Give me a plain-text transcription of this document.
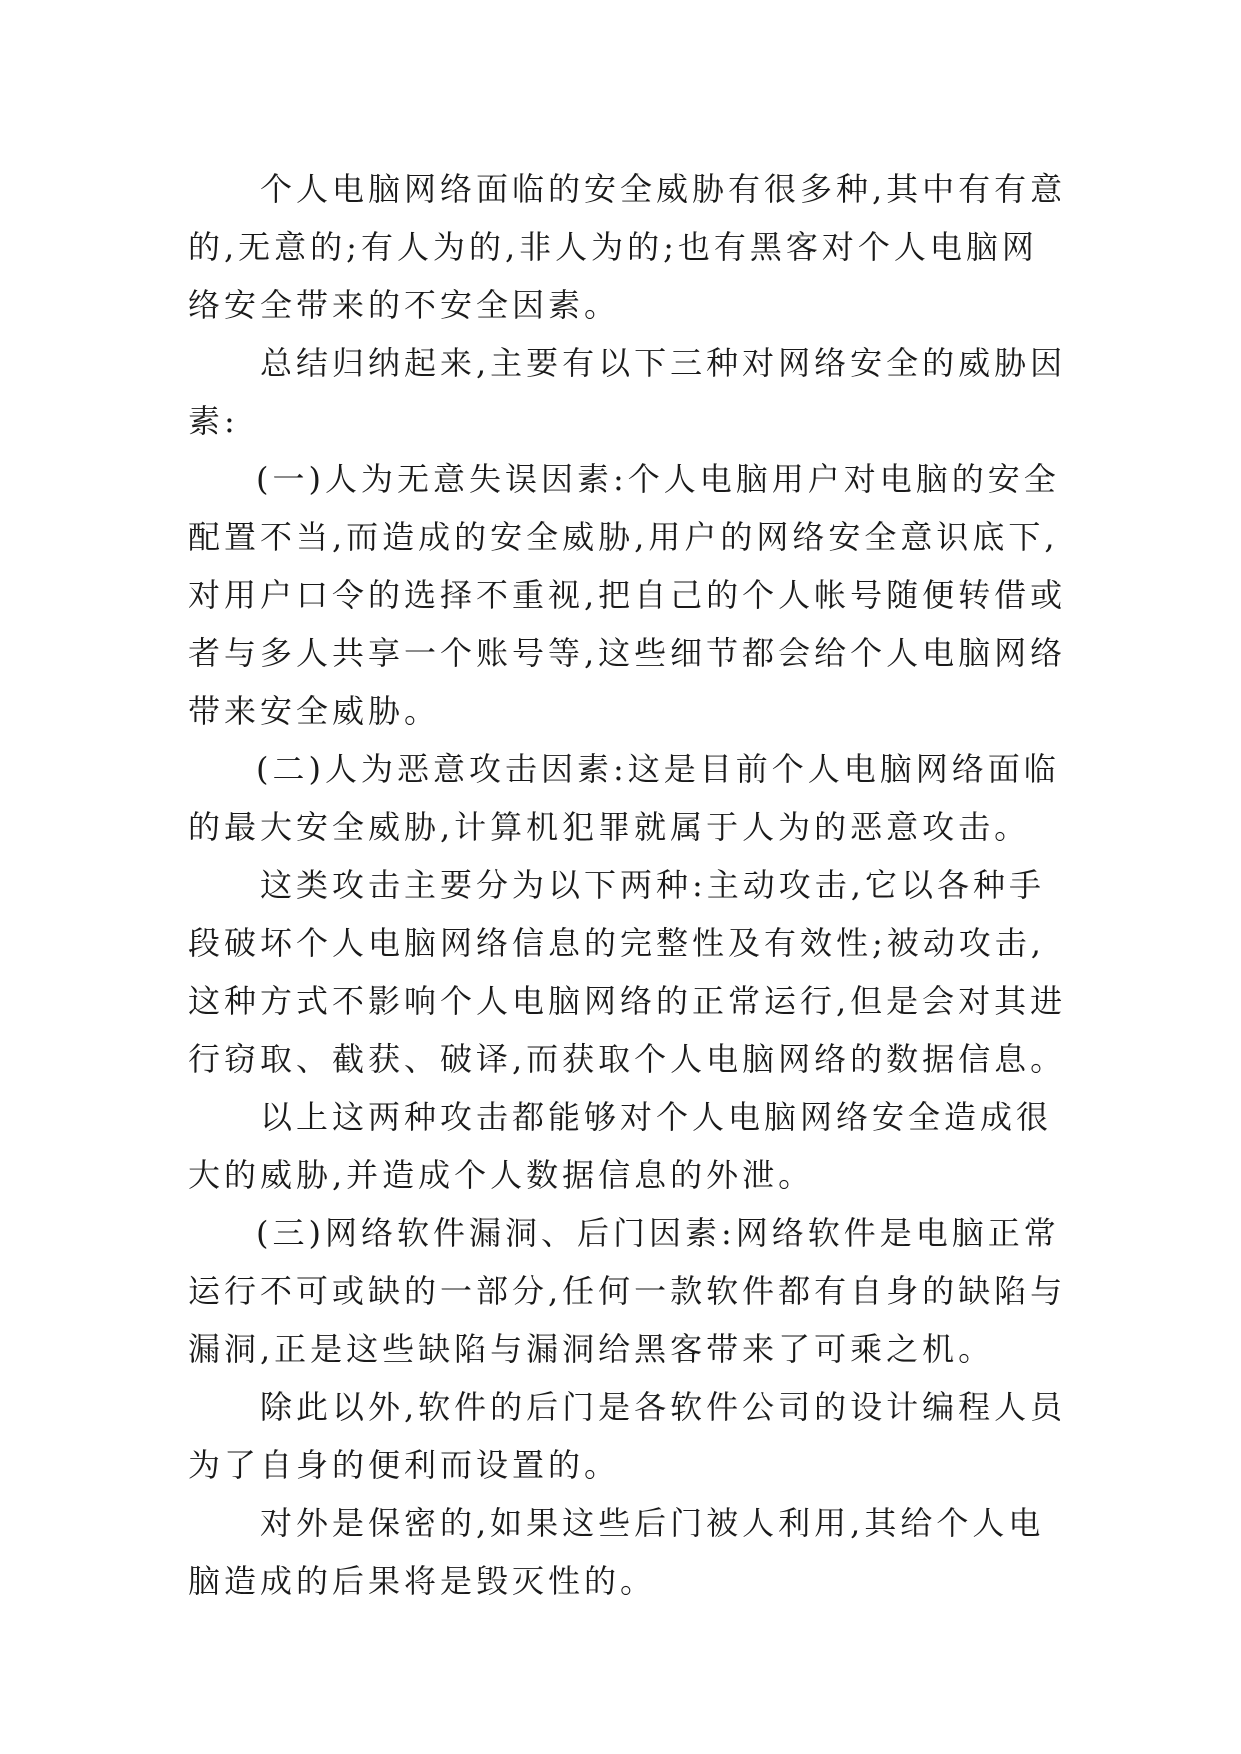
个人电脑网络面临的安全威胁有很多种,其中有有意的,无意的;有人为的,非人为的;也有黑客对个人电脑网络安全带来的不安全因素。

总结归纳起来,主要有以下三种对网络安全的威胁因素:

(一)人为无意失误因素:个人电脑用户对电脑的安全配置不当,而造成的安全威胁,用户的网络安全意识底下,对用户口令的选择不重视,把自己的个人帐号随便转借或者与多人共享一个账号等,这些细节都会给个人电脑网络带来安全威胁。

(二)人为恶意攻击因素:这是目前个人电脑网络面临的最大安全威胁,计算机犯罪就属于人为的恶意攻击。

这类攻击主要分为以下两种:主动攻击,它以各种手段破坏个人电脑网络信息的完整性及有效性;被动攻击,这种方式不影响个人电脑网络的正常运行,但是会对其进行窃取、截获、破译,而获取个人电脑网络的数据信息。

以上这两种攻击都能够对个人电脑网络安全造成很大的威胁,并造成个人数据信息的外泄。

(三)网络软件漏洞、后门因素:网络软件是电脑正常运行不可或缺的一部分,任何一款软件都有自身的缺陷与漏洞,正是这些缺陷与漏洞给黑客带来了可乘之机。

除此以外,软件的后门是各软件公司的设计编程人员为了自身的便利而设置的。

对外是保密的,如果这些后门被人利用,其给个人电脑造成的后果将是毁灭性的。
